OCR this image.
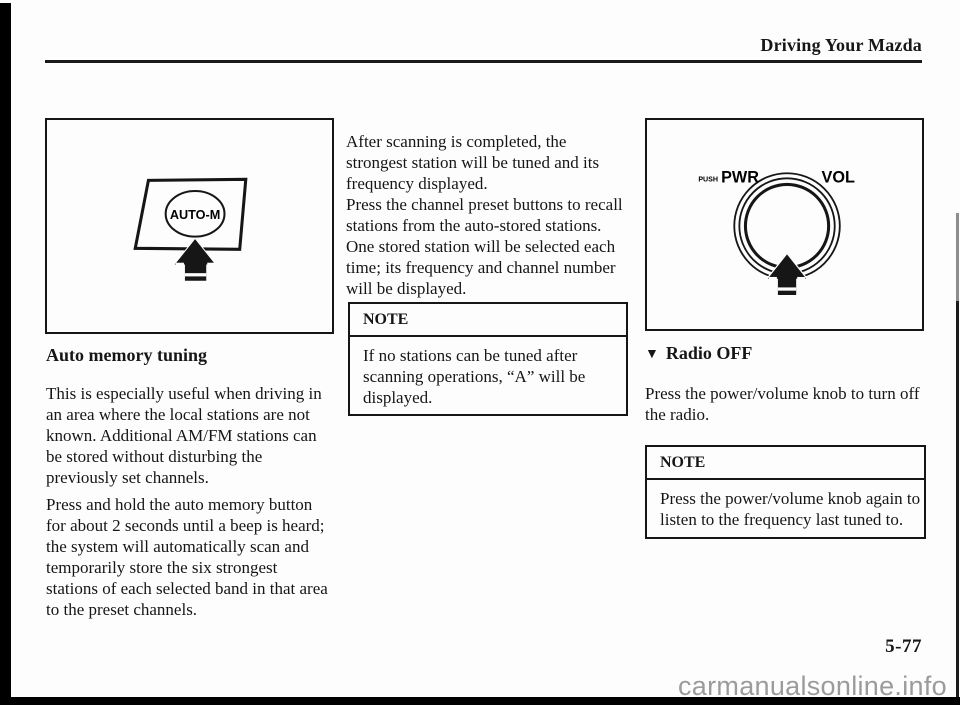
Driving Your Mazda
AUTO-M
After scanning is completed, the
strongest station will be tuned and its
frequency displayed.
Press the channel preset buttons to recall
stations from the auto-stored stations.
One stored station will be selected each
time; its frequency and channel number
will be displayed.
NOTE
If no stations can be tuned after
scanning operations, “A” will be
displayed.
PUSH PWR	VOL
Auto memory tuning
This is especially useful when driving in
an area where the local stations are not
known. Additional AM/FM stations can
be stored without disturbing the
previously set channels.
Press and hold the auto memory button
for about 2 seconds until a beep is heard;
the system will automatically scan and
temporarily store the six strongest
stations of each selected band in that area
to the preset channels.
▼ Radio OFF
Press the power/volume knob to turn off
the radio.
NOTE
Press the power/volume knob again to
listen to the frequency last tuned to.
5-77
carmanualsonline.info
